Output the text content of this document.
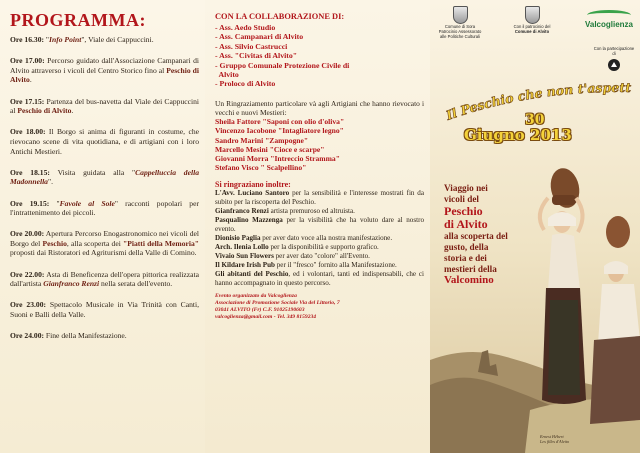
PROGRAMMA:

Ore 16.30: "Info Point", Viale dei Cappuccini.

Ore 17.00: Percorso guidato dall'Associazione Campanari di Alvito attraverso i vicoli del Centro Storico fino al Peschio di Alvito.

Ore 17.15: Partenza del bus-navetta dal Viale dei Cappuccini al Peschio di Alvito.

Ore 18.00: Il Borgo si anima di figuranti in costume, che rievocano scene di vita quotidiana, e di artigiani con i loro Antichi Mestieri.

Ore 18.15: Visita guidata alla "Cappelluccia della Madonnella".

Ore 19.15: "Favole al Sole" racconti popolari per l'intrattenimento dei piccoli.

Ore 20.00: Apertura Percorso Enogastronomico nei vicoli del Borgo del Peschio, alla scoperta dei "Piatti della Memoria" proposti dai Ristoratori ed Agriturismi della Valle di Comino.

Ore 22.00: Asta di Beneficenza dell'opera pittorica realizzata dall'artista Gianfranco Renzi nella serata dell'evento.

Ore 23.00: Spettacolo Musicale in Via Trinità con Canti, Suoni e Balli della Valle.

Ore 24.00: Fine della Manifestazione.

CON LA COLLABORAZIONE DI:
- Ass. Aedo Studio
- Ass. Campanari di Alvito
- Ass. Silvio Castrucci
- Ass. "Civitas di Alvito"
- Gruppo Comunale Protezione Civile di
Alvito
- Proloco di Alvito

Un Ringraziamento particolare và agli Artigiani che hanno rievocato i vecchi e nuovi Mestieri:

Sheila Fattore "Saponi con olio d'oliva"
Vincenzo Iacobone "Intagliatore legno"
Sandro Marini "Zampogne"
Marcello Mesini "Cioce e scarpe"
Giovanni Morra "Intreccio Stramma"
Stefano Visco " Scalpellino"
Si ringraziano inoltre:

L'Avv. Luciano Santoro per la sensibilità e l'interesse mostrati fin da subito per la riscoperta del Peschio.

Gianfranco Renzi artista premuroso ed altruista.

Pasqualino Mazzenga per la visibilità che ha voluto dare al nostro evento.

Dionisio Paglia per aver dato voce alla nostra manifestazione.

Arch. Ilenia Lollo per la disponibilità e supporto grafico.

Vivaio Sun Flowers per aver dato "colore" all'Evento.

Il Kildare Irish Pub per il "fresco" fornito alla Manifestazione.

Gli abitanti del Peschio, ed i volontari, tanti ed indispensabili, che ci hanno accompagnato in questo percorso.

Evento organizzato da Valcoglienza
Associazione di Promozione Sociale Via del Littorio, 7
03041 ALVITO (Fr) C.F. 91025190603
valcoglienza@gmail.com - Tel. 349 8159234
Comune di Sora
Patrocinio Assessorato
alle Politiche Culturali
Con il patrocinio del
Comune di Alvito
Valcoglienza
Con la partecipazione di
Il Peschio che non t'aspetti...
30
Giugno 2013
Viaggio nei
vicoli del
Peschio
di Alvito
alla scoperta del
gusto, della
storia e dei
mestieri della
Valcomino
Ernest Hébert
Les filles d'Alvito
